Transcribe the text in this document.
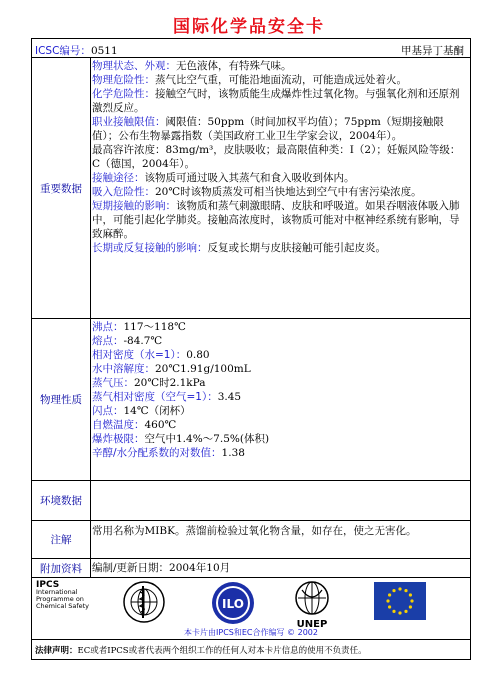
国际化学品安全卡
ICSC编号：0511	甲基异丁基酮
重要数据
物理状态、外观：无色液体，有特殊气味。
物理危险性：蒸气比空气重，可能沿地面流动，可能造成远处着火。
化学危险性：接触空气时，该物质能生成爆炸性过氧化物。与强氧化剂和还原剂激烈反应。
职业接触限值：阈限值：50ppm（时间加权平均值）；75ppm（短期接触限值）；公布生物暴露指数（美国政府工业卫生学家会议，2004年）。
最高容许浓度：83mg/m³，皮肤吸收；最高限值种类：I（2）；妊娠风险等级：C（德国，2004年）。
接触途径：该物质可通过吸入其蒸气和食入吸收到体内。
吸入危险性：20℃时该物质蒸发可相当快地达到空气中有害污染浓度。
短期接触的影响：该物质和蒸气刺激眼睛、皮肤和呼吸道。如果吞咽液体吸入肺中，可能引起化学肺炎。接触高浓度时，该物质可能对中枢神经系统有影响，导致麻醉。
长期或反复接触的影响：反复或长期与皮肤接触可能引起皮炎。
物理性质
沸点：117～118℃
熔点：-84.7℃
相对密度（水=1）：0.80
水中溶解度：20℃1.91g/100mL
蒸气压：20℃时2.1kPa
蒸气相对密度（空气=1）：3.45
闪点：14℃（闭杯）
自燃温度：460℃
爆炸极限：空气中1.4%～7.5%(体积)
辛醇/水分配系数的对数值：1.38
环境数据
注解
常用名称为MIBK。蒸馏前检验过氧化物含量，如存在，使之无害化。
附加资料 编制/更新日期：2004年10月
IPCS
International
Programme on
Chemical Safety	ILO
UNEP
本卡片由IPCS和EC合作编写 © 2002
法律声明：EC或者IPCS或者代表两个组织工作的任何人对本卡片信息的使用不负责任。
